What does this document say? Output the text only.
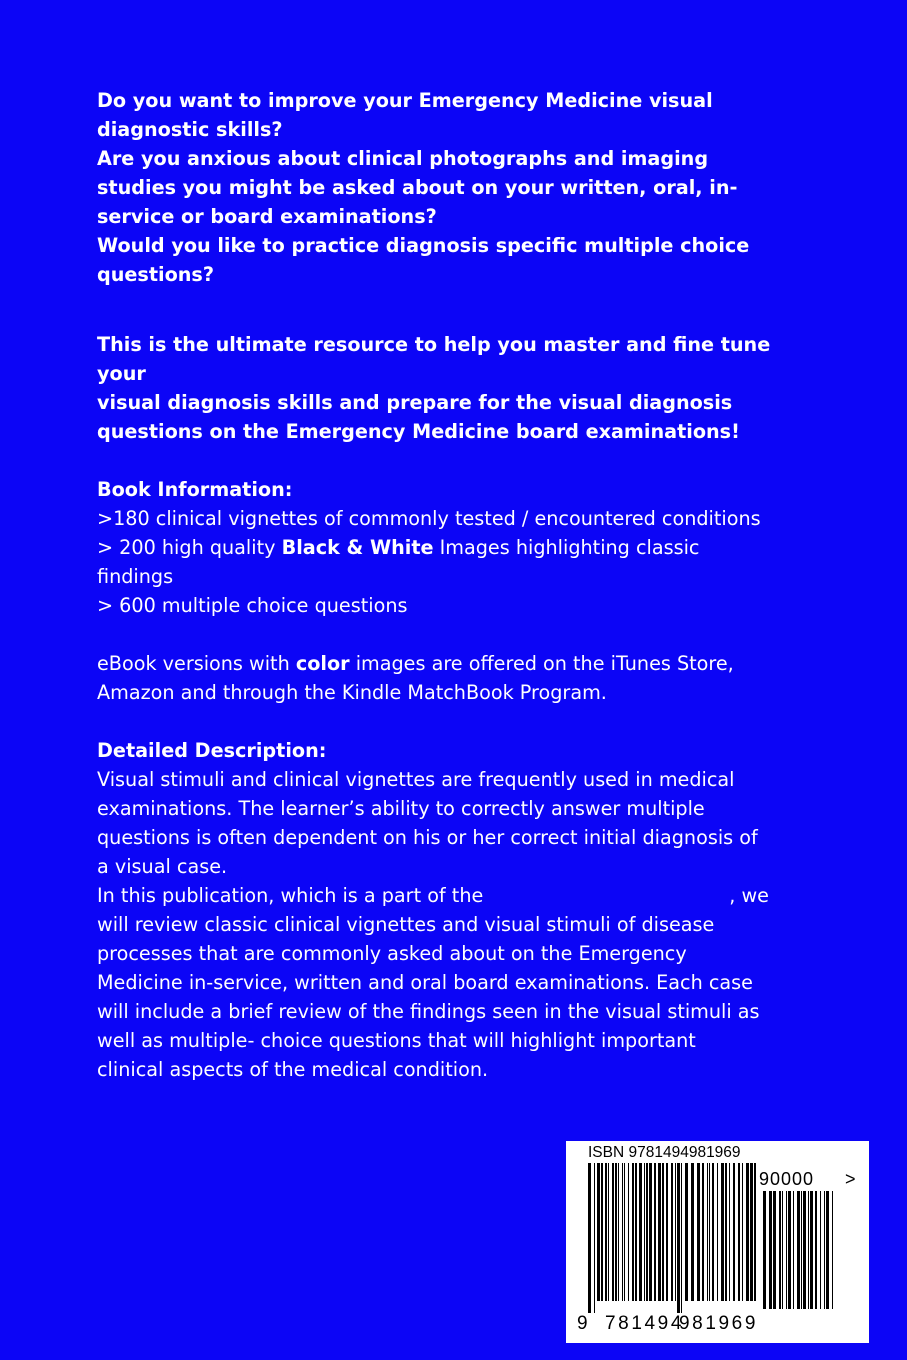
Do you want to improve your Emergency Medicine visual
diagnostic skills?
Are you anxious about clinical photographs and imaging
studies you might be asked about on your written, oral, in-
service or board examinations?
Would you like to practice diagnosis specific multiple choice
questions?

This is the ultimate resource to help you master and fine tune your
visual diagnosis skills and prepare for the visual diagnosis
questions on the Emergency Medicine board examinations!

Book Information:
>180 clinical vignettes of commonly tested / encountered conditions
> 200 high quality Black & White Images highlighting classic findings
> 600 multiple choice questions

eBook versions with color images are offered on the iTunes Store,
Amazon and through the Kindle MatchBook Program.

Detailed Description:
Visual stimuli and clinical vignettes are frequently used in medical
examinations. The learner’s ability to correctly answer multiple
questions is often dependent on his or her correct initial diagnosis of
a visual case.
In this publication, which is a part of the	, we
will review classic clinical vignettes and visual stimuli of disease
processes that are commonly asked about on the Emergency
Medicine in-service, written and oral board examinations. Each case
will include a brief review of the findings seen in the visual stimuli as
well as multiple- choice questions that will highlight important
clinical aspects of the medical condition.

ISBN 9781494981969
90000 >
9 781494
981969
